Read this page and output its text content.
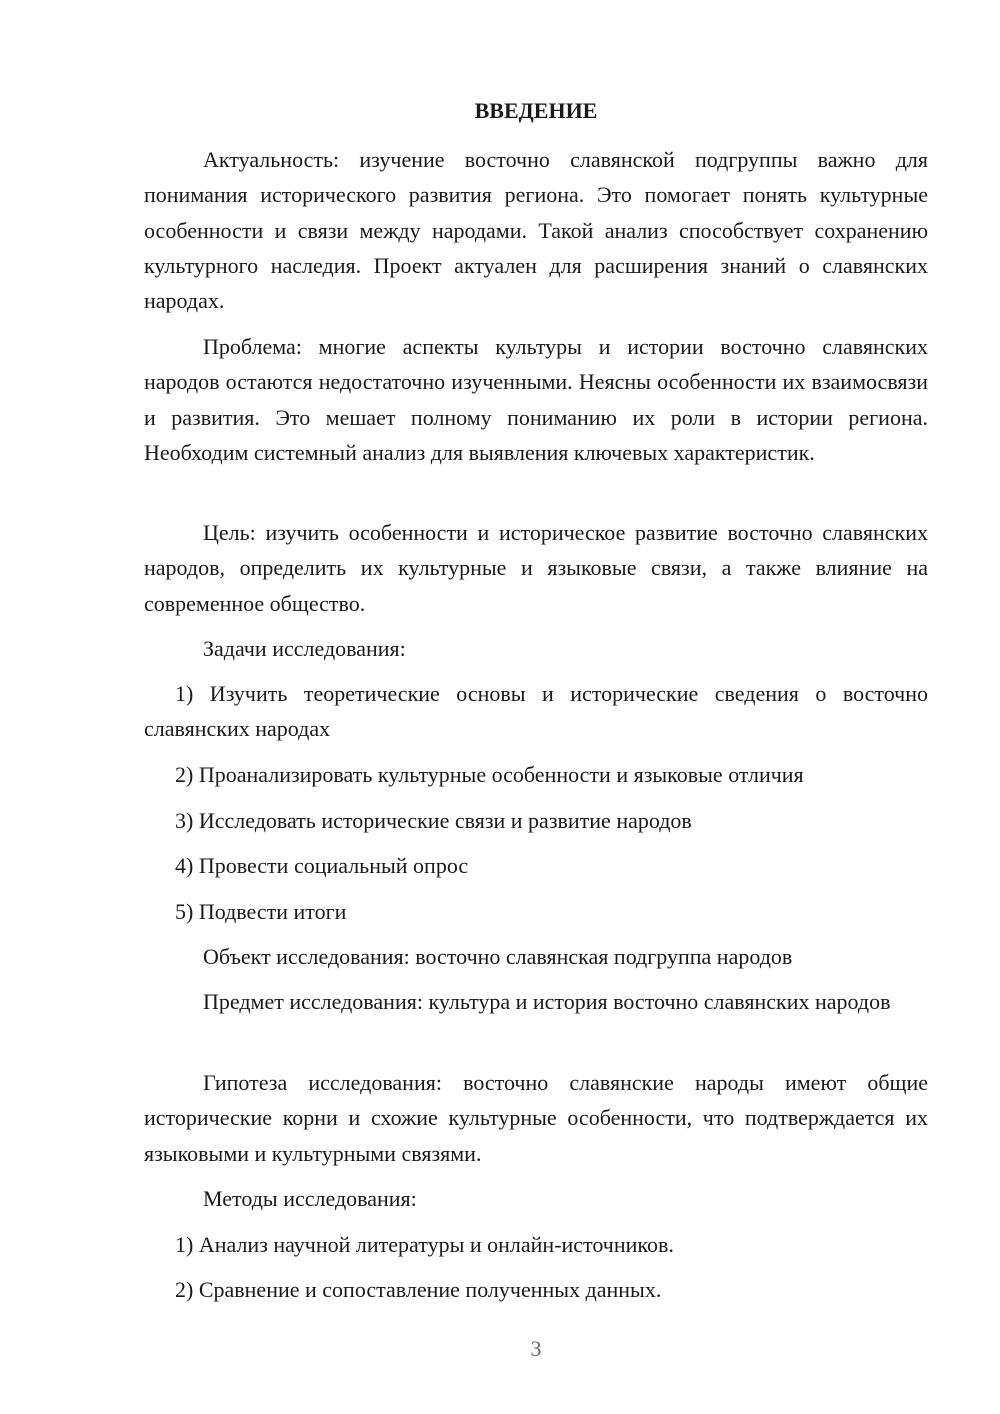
ВВЕДЕНИЕ

Актуальность: изучение восточно славянской подгруппы важно для понимания исторического развития региона. Это помогает понять культурные особенности и связи между народами. Такой анализ способствует сохранению культурного наследия. Проект актуален для расширения знаний о славянских народах.

Проблема: многие аспекты культуры и истории восточно славянских народов остаются недостаточно изученными. Неясны особенности их взаимосвязи и развития. Это мешает полному пониманию их роли в истории региона. Необходим системный анализ для выявления ключевых характеристик.

Цель: изучить особенности и историческое развитие восточно славянских народов, определить их культурные и языковые связи, а также влияние на современное общество.

Задачи исследования:

1) Изучить теоретические основы и исторические сведения о восточно славянских народах

2) Проанализировать культурные особенности и языковые отличия

3) Исследовать исторические связи и развитие народов

4) Провести социальный опрос

5) Подвести итоги

Объект исследования: восточно славянская подгруппа народов

Предмет исследования: культура и история восточно славянских народов

Гипотеза исследования: восточно славянские народы имеют общие исторические корни и схожие культурные особенности, что подтверждается их языковыми и культурными связями.

Методы исследования:

1) Анализ научной литературы и онлайн-источников.

2) Сравнение и сопоставление полученных данных.

3
